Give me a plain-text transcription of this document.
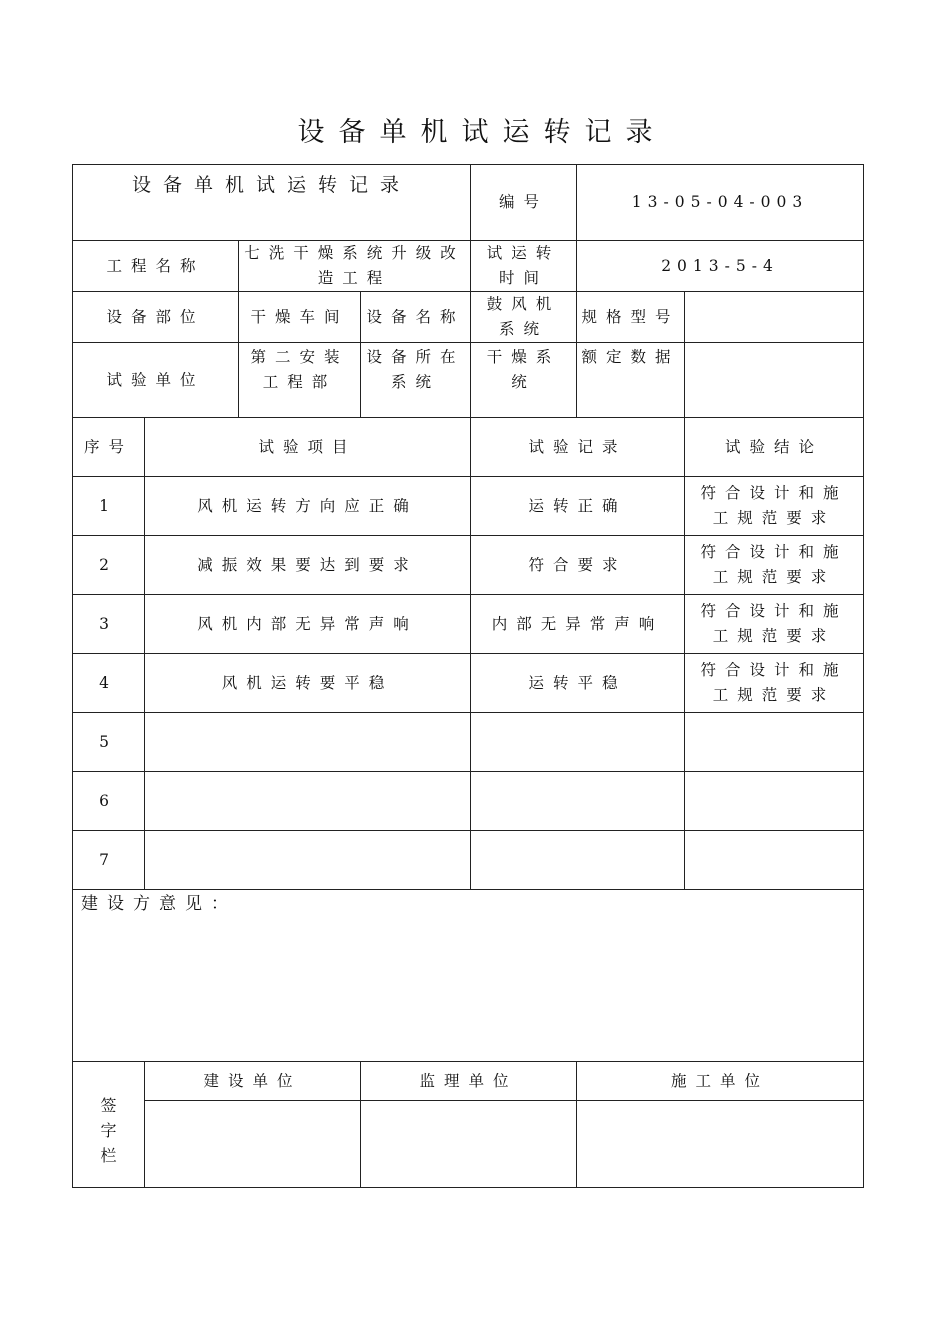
设备单机试运转记录
设备单机试运转记录				编号	13-05-04-003	
工程名称		七洗干燥系统升级改造工程		试运转时间	2013-5-4	
设备部位		干燥车间	设备名称	鼓风机系统	规格型号	
试验单位		第二安装工程部	设备所在系统	干燥系统	额定数据	
序号	试验项目			试验记录		试验结论
1	风机运转方向应正确			运转正确		符合设计和施工规范要求
2	减振效果要达到要求			符合要求		符合设计和施工规范要求
3	风机内部无异常声响			内部无异常声响		符合设计和施工规范要求
4	风机运转要平稳			运转平稳		符合设计和施工规范要求
5						
6						
7						
建设方意见：						
签字栏	建设单位		监理单位		施工单位	
